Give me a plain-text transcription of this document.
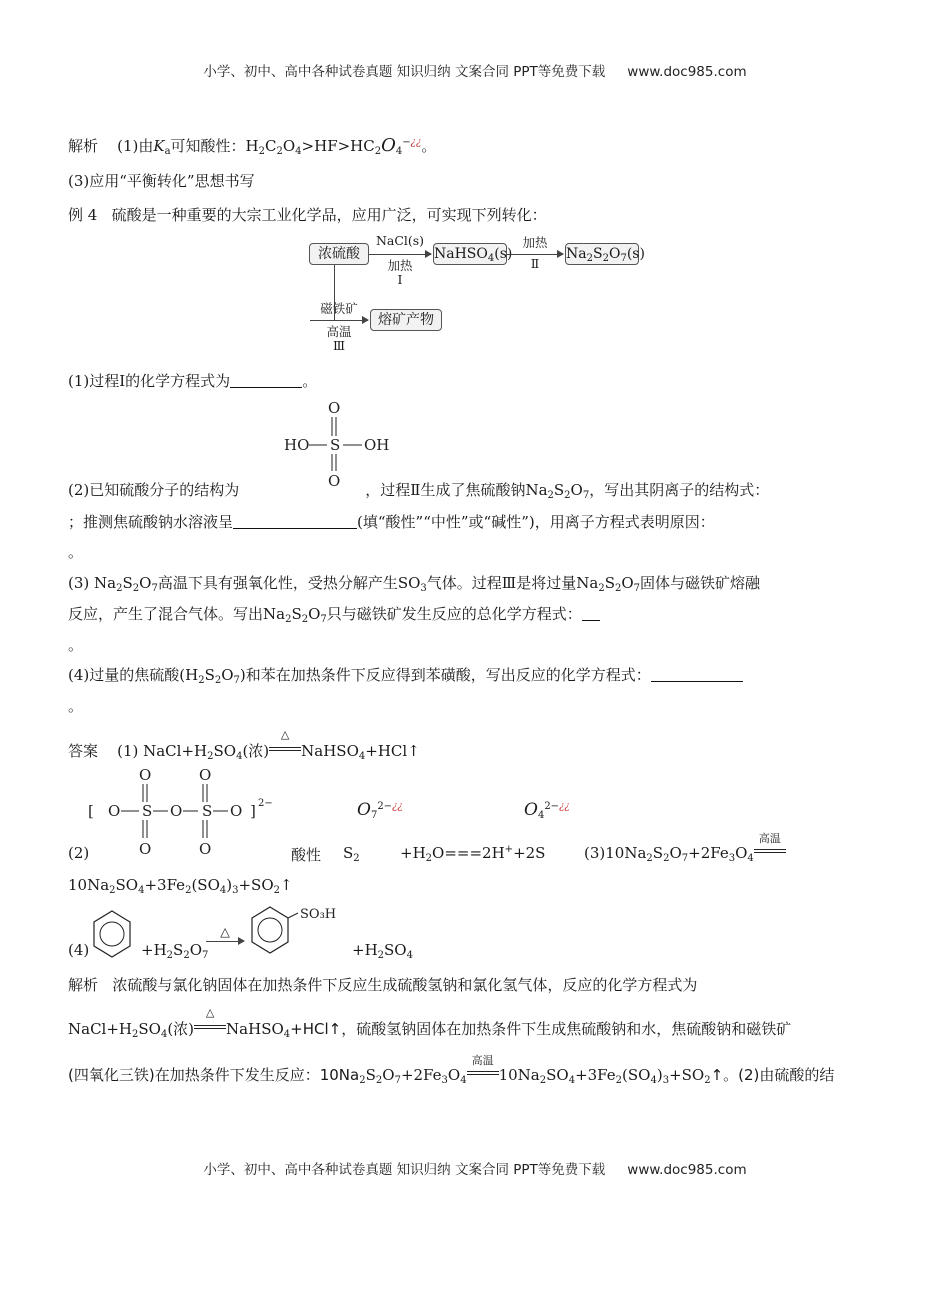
小学、初中、高中各种试卷真题 知识归纳 文案合同 PPT等免费下载 www.doc985.com
解析 (1)由$K_a$可知酸性：$H_2C_2O_4>HF>HC_2O_4^{-¿¿}$。
(3)应用“平衡转化”思想书写
例 4 硫酸是一种重要的大宗工业化学品，应用广泛，可实现下列转化：
浓硫酸
NaCl(s)
加热
Ⅰ
NaHSO$_4$(s)
加热
Ⅱ
$Na_2S_2O_7(s)$
磁铁矿
高温
Ⅲ
熔矿产物
(1)过程Ⅰ的化学方程式为	。
O
HO S OH
O
(2)已知硫酸分子的结构为	，过程Ⅱ生成了焦硫酸钠$Na_2S_2O_7$，写出其阴离子的结构式：
；推测焦硫酸钠水溶液呈	(填“酸性”“中性”或“碱性”)，用离子方程式表明原因：
。
(3) $Na_2S_2O_7$高温下具有强氧化性，受热分解产生$SO_3$气体。过程Ⅲ是将过量$Na_2S_2O_7$固体与磁铁矿熔融
反应，产生了混合气体。写出$Na_2S_2O_7$只与磁铁矿发生反应的总化学方程式：
。
(4)过量的焦硫酸$(H_2S_2O_7)$和苯在加热条件下反应得到苯磺酸，写出反应的化学方程式：
。
答案 (1) $NaCl+H_2SO_4$(浓)
△
NaHSO$_4$+HCl↑
[
O	O
O S O S O ]
O	O
2−	$O_7^{2-¿¿}$	$O_4^{2-¿¿}$
(2)	酸性 $S_2$	$+H_2O===2H^++2S$	$(3)10Na_2S_2O_7+2Fe_3O_4$
高温
$10Na_2SO_4+3Fe_2(SO_4)_3+SO_2↑$
(4)	$+H_2S_2O_7$
△
SO₃H
$+H_2SO_4$
解析 浓硫酸与氯化钠固体在加热条件下反应生成硫酸氢钠和氯化氢气体，反应的化学方程式为
$NaCl+H_2SO_4$(浓)
△
NaHSO$_4$+HCl↑，硫酸氢钠固体在加热条件下生成焦硫酸钠和水，焦硫酸钠和磁铁矿
(四氧化三铁)在加热条件下发生反应：$10Na_2S_2O_7+2Fe_3O_4$
高温
$10Na_2SO_4+3Fe_2(SO_4)_3+SO_2↑$。(2)由硫酸的结
小学、初中、高中各种试卷真题 知识归纳 文案合同 PPT等免费下载 www.doc985.com
